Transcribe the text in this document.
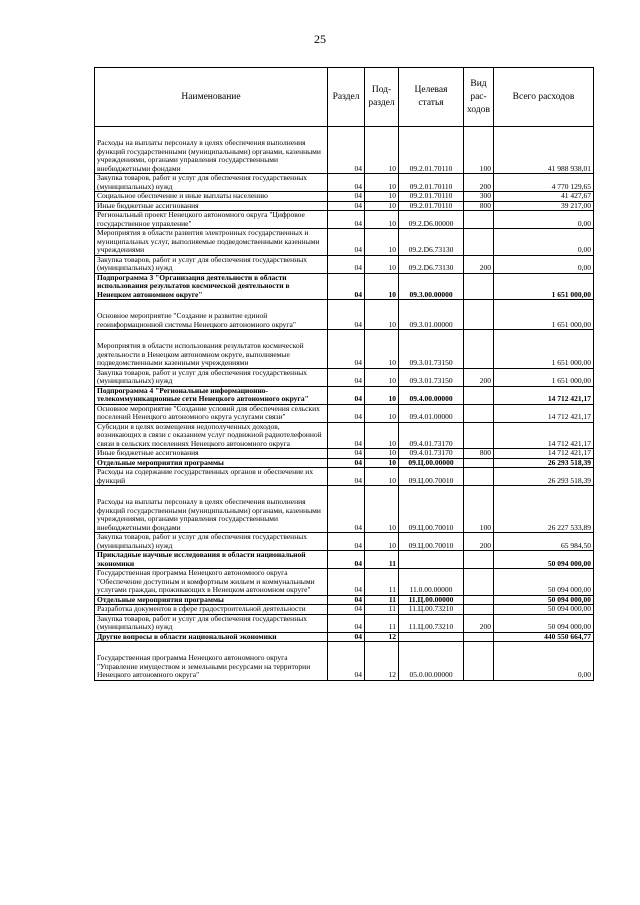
25
Наименование	Раздел	Под-раздел	Целевая статья	Вид рас-ходов	Всего расходов

Расходы на выплаты персоналу в целях обеспечения выполнения функций государственными (муниципальными) органами, казенными учреждениями, органами управления государственными внебюджетными фондами	04	10	09.2.01.70110	100	41 988 938,01
Закупка товаров, работ и услуг для обеспечения государственных (муниципальных) нужд	04	10	09.2.01.70110	200	4 770 129,65
Социальное обеспечение и иные выплаты населению	04	10	09.2.01.70110	300	41 427,67
Иные бюджетные ассигнования	04	10	09.2.01.70110	800	39 217,00
Региональный проект Ненецкого автономного округа "Цифровое государственное управление"	04	10	09.2.D6.00000		0,00
Мероприятия в области развития электронных государственных и муниципальных услуг, выполняемые подведомственными казенными учреждениями	04	10	09.2.D6.73130		0,00
Закупка товаров, работ и услуг для обеспечения государственных (муниципальных) нужд	04	10	09.2.D6.73130	200	0,00
Подпрограмма 3 "Организация деятельности в области использования результатов космической деятельности в Ненецком автономном округе"	04	10	09.3.00.00000		1 651 000,00

Основное мероприятие "Создание и развитие единой геоинформационной системы Ненецкого автономного округа"	04	10	09.3.01.00000		1 651 000,00

Мероприятия в области использования результатов космической деятельности в Ненецком автономном округе, выполняемые подведомственными казенными учреждениями	04	10	09.3.01.73150		1 651 000,00
Закупка товаров, работ и услуг для обеспечения государственных (муниципальных) нужд	04	10	09.3.01.73150	200	1 651 000,00
Подпрограмма 4 "Региональные информационно-телекоммуникационные сети Ненецкого автономного округа"	04	10	09.4.00.00000		14 712 421,17
Основное мероприятие "Создание условий для обеспечения сельских поселений Ненецкого автономного округа услугами связи"	04	10	09.4.01.00000		14 712 421,17
Субсидии в целях возмещения недополученных доходов, возникающих в связи с оказанием услуг подвижной радиотелефонной связи в сельских поселениях Ненецкого автономного округа	04	10	09.4.01.73170		14 712 421,17
Иные бюджетные ассигнования	04	10	09.4.01.73170	800	14 712 421,17
Отдельные мероприятия программы	04	10	09.Ц.00.00000		26 293 518,39
Расходы на содержание государственных органов и обеспечение их функций	04	10	09.Ц.00.70010		26 293 518,39

Расходы на выплаты персоналу в целях обеспечения выполнения функций государственными (муниципальными) органами, казенными учреждениями, органами управления государственными внебюджетными фондами	04	10	09.Ц.00.70010	100	26 227 533,89
Закупка товаров, работ и услуг для обеспечения государственных (муниципальных) нужд	04	10	09.Ц.00.70010	200	65 984,50
Прикладные научные исследования в области национальной экономики	04	11			50 094 000,00
Государственная программа Ненецкого автономного округа "Обеспечение доступным и комфортным жильем и коммунальными услугами граждан, проживающих в Ненецком автономном округе"	04	11	11.0.00.00000		50 094 000,00
Отдельные мероприятия программы	04	11	11.Ц.00.00000		50 094 000,00
Разработка документов в сфере градостроительной деятельности	04	11	11.Ц.00.73210		50 094 000,00
Закупка товаров, работ и услуг для обеспечения государственных (муниципальных) нужд	04	11	11.Ц.00.73210	200	50 094 000,00
Другие вопросы в области национальной экономики	04	12			440 550 664,77

Государственная программа Ненецкого автономного округа "Управление имуществом и земельными ресурсами на территории Ненецкого автономного округа"	04	12	05.0.00.00000		0,00
